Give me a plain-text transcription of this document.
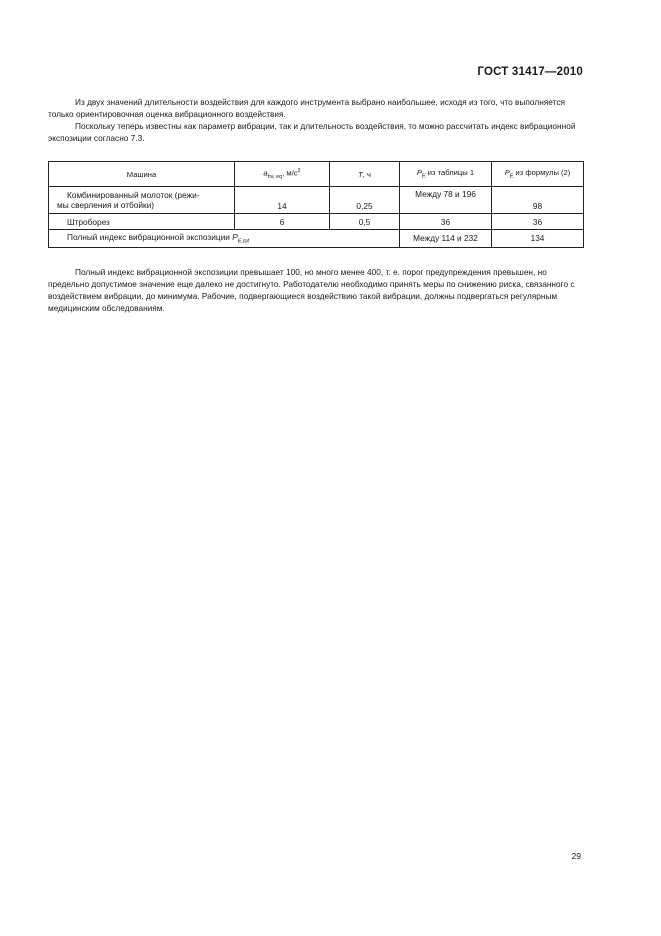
ГОСТ 31417—2010

Из двух значений длительности воздействия для каждого инструмента выбрано наибольшее, исходя из того, что выполняется только ориентировочная оценка вибрационного воздействия.

Поскольку теперь известны как параметр вибрации, так и длительность воздействия, то можно рассчитать индекс вибрационной экспозиции согласно 7.3.

Машина	$a_{hv, eq}$, $м/с^2$	T, ч	$P_E$ из таблицы 1	$P_E$ из формулы (2)

Комбинированный молоток (режи-
мы сверления и отбойки)	14	0,25	Между 78 и 196	98

Штроборез	6	0,5	36	36

Полный индекс вибрационной экспозиции $P_{E,tot}$			Между 114 и 232	134

Полный индекс вибрационной экспозиции превышает 100, но много менее 400, т. е. порог предупреждения превышен, но предельно допустимое значение еще далеко не достигнуто. Работодателю необходимо принять меры по снижению риска, связанного с воздействием вибрации, до минимума. Рабочие, подвергающиеся воздействию такой вибрации, должны подвергаться регулярным медицинским обследованиям.

29
